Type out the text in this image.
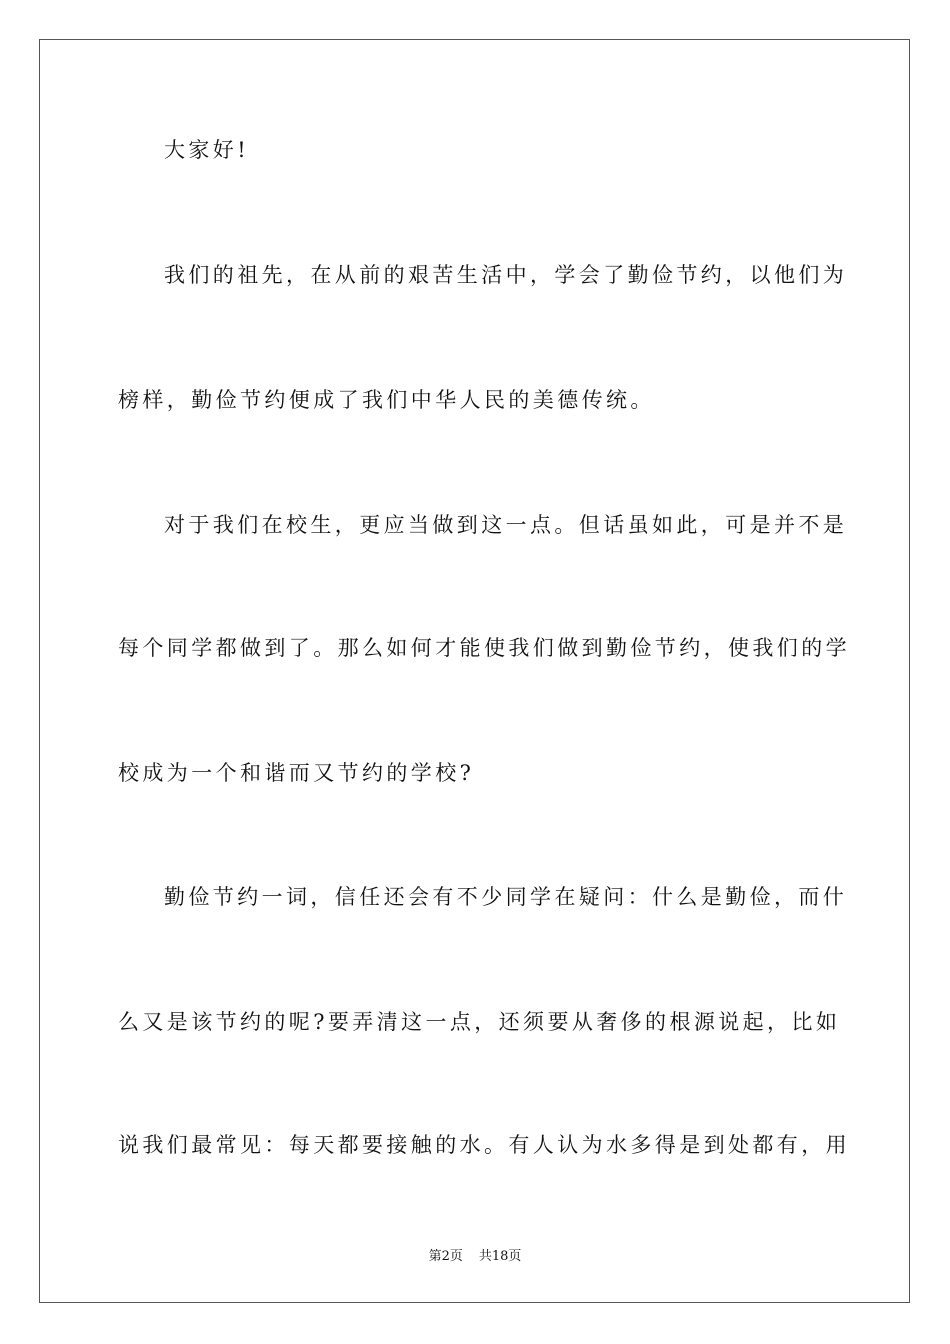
大家好!
我们的祖先，在从前的艰苦生活中，学会了勤俭节约，以他们为
榜样，勤俭节约便成了我们中华人民的美德传统。
对于我们在校生，更应当做到这一点。但话虽如此，可是并不是
每个同学都做到了。那么如何才能使我们做到勤俭节约，使我们的学
校成为一个和谐而又节约的学校?
勤俭节约一词，信任还会有不少同学在疑问：什么是勤俭，而什
么又是该节约的呢?要弄清这一点，还须要从奢侈的根源说起，比如
说我们最常见：每天都要接触的水。有人认为水多得是到处都有，用
第2页 共18页
